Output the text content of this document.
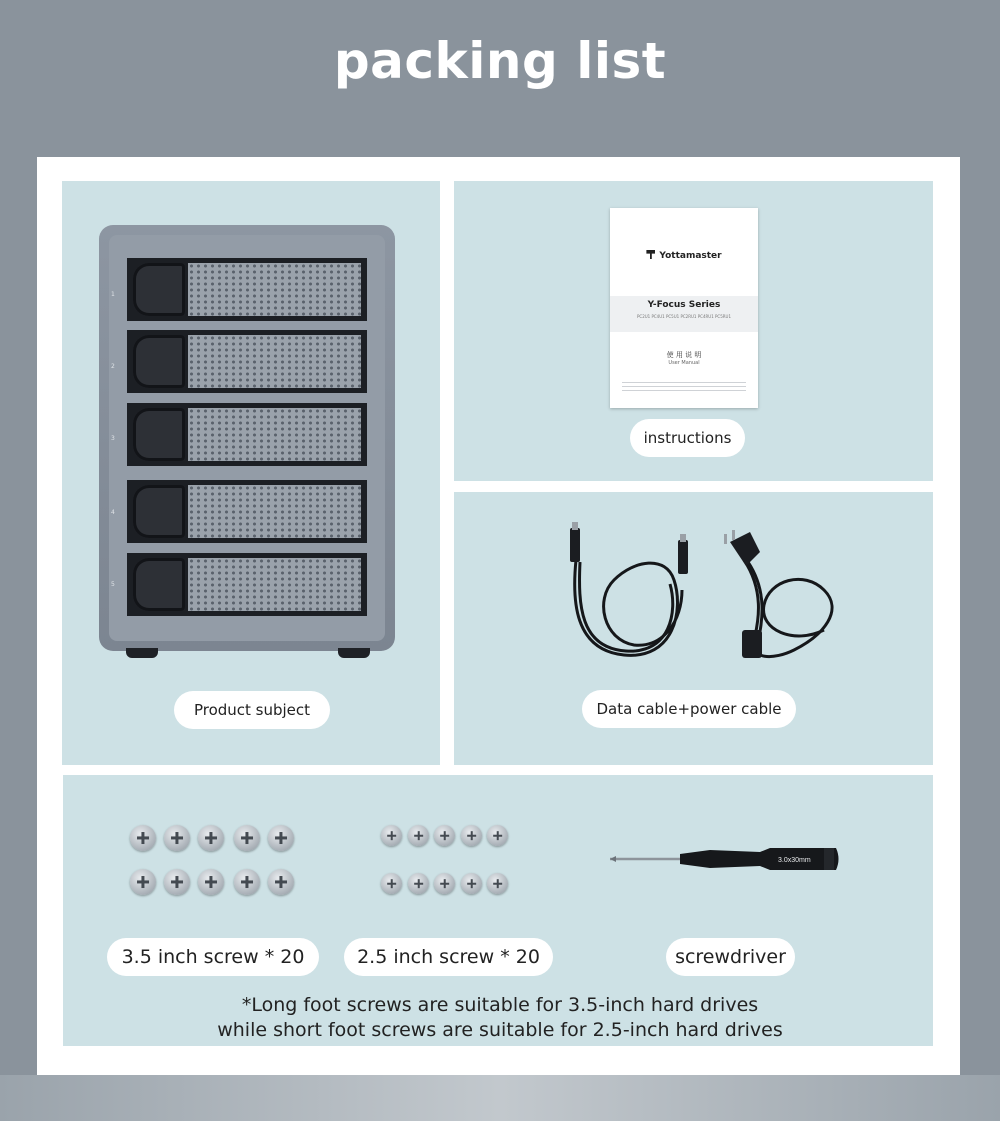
packing list
1
2
3
4
5
Product subject
Yottamaster
Y-Focus Series
PC2U1 PC4U1 PC5U1 PC2RU1 PC4RU1 PC5RU1
使 用 说 明
User Manual
instructions
Data cable+power cable
3.0x30mm
3.5 inch screw * 20	2.5 inch screw * 20	screwdriver
*Long foot screws are suitable for 3.5-inch hard drives
while short foot screws are suitable for 2.5-inch hard drives
